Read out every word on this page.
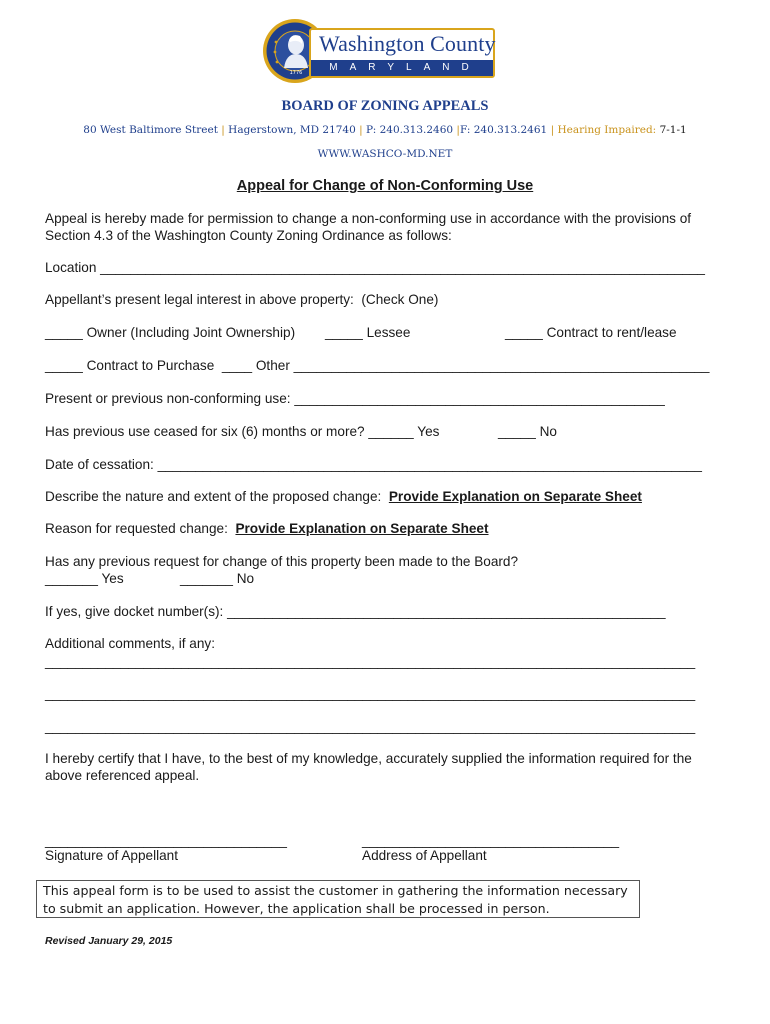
1776
Washington County
MARYLAND
BOARD OF ZONING APPEALS
80 West Baltimore Street | Hagerstown, MD 21740 | P: 240.313.2460 |F: 240.313.2461 | Hearing Impaired: 7-1-1
WWW.WASHCO-MD.NET
Appeal for Change of Non-Conforming Use
Appeal is hereby made for permission to change a non-conforming use in accordance with the provisions of
Section 4.3 of the Washington County Zoning Ordinance as follows:
Location ________________________________________________________________________________
Appellant’s present legal interest in above property:  (Check One)
_____ Owner (Including Joint Ownership) _____ Lessee	_____ Contract to rent/lease
_____ Contract to Purchase  ____ Other _______________________________________________________
Present or previous non-conforming use: _________________________________________________
Has previous use ceased for six (6) months or more? ______ Yes	_____ No
Date of cessation: ________________________________________________________________________
Describe the nature and extent of the proposed change:  Provide Explanation on Separate Sheet
Reason for requested change:  Provide Explanation on Separate Sheet
Has any previous request for change of this property been made to the Board?
_______ Yes	_______ No
If yes, give docket number(s): __________________________________________________________
Additional comments, if any:
______________________________________________________________________________________
______________________________________________________________________________________
______________________________________________________________________________________
I hereby certify that I have, to the best of my knowledge, accurately supplied the information required for the
above referenced appeal.
________________________________	__________________________________
Signature of Appellant	Address of Appellant
This appeal form is to be used to assist the customer in gathering the information necessary to submit an application. However, the application shall be processed in person.
Revised January 29, 2015
